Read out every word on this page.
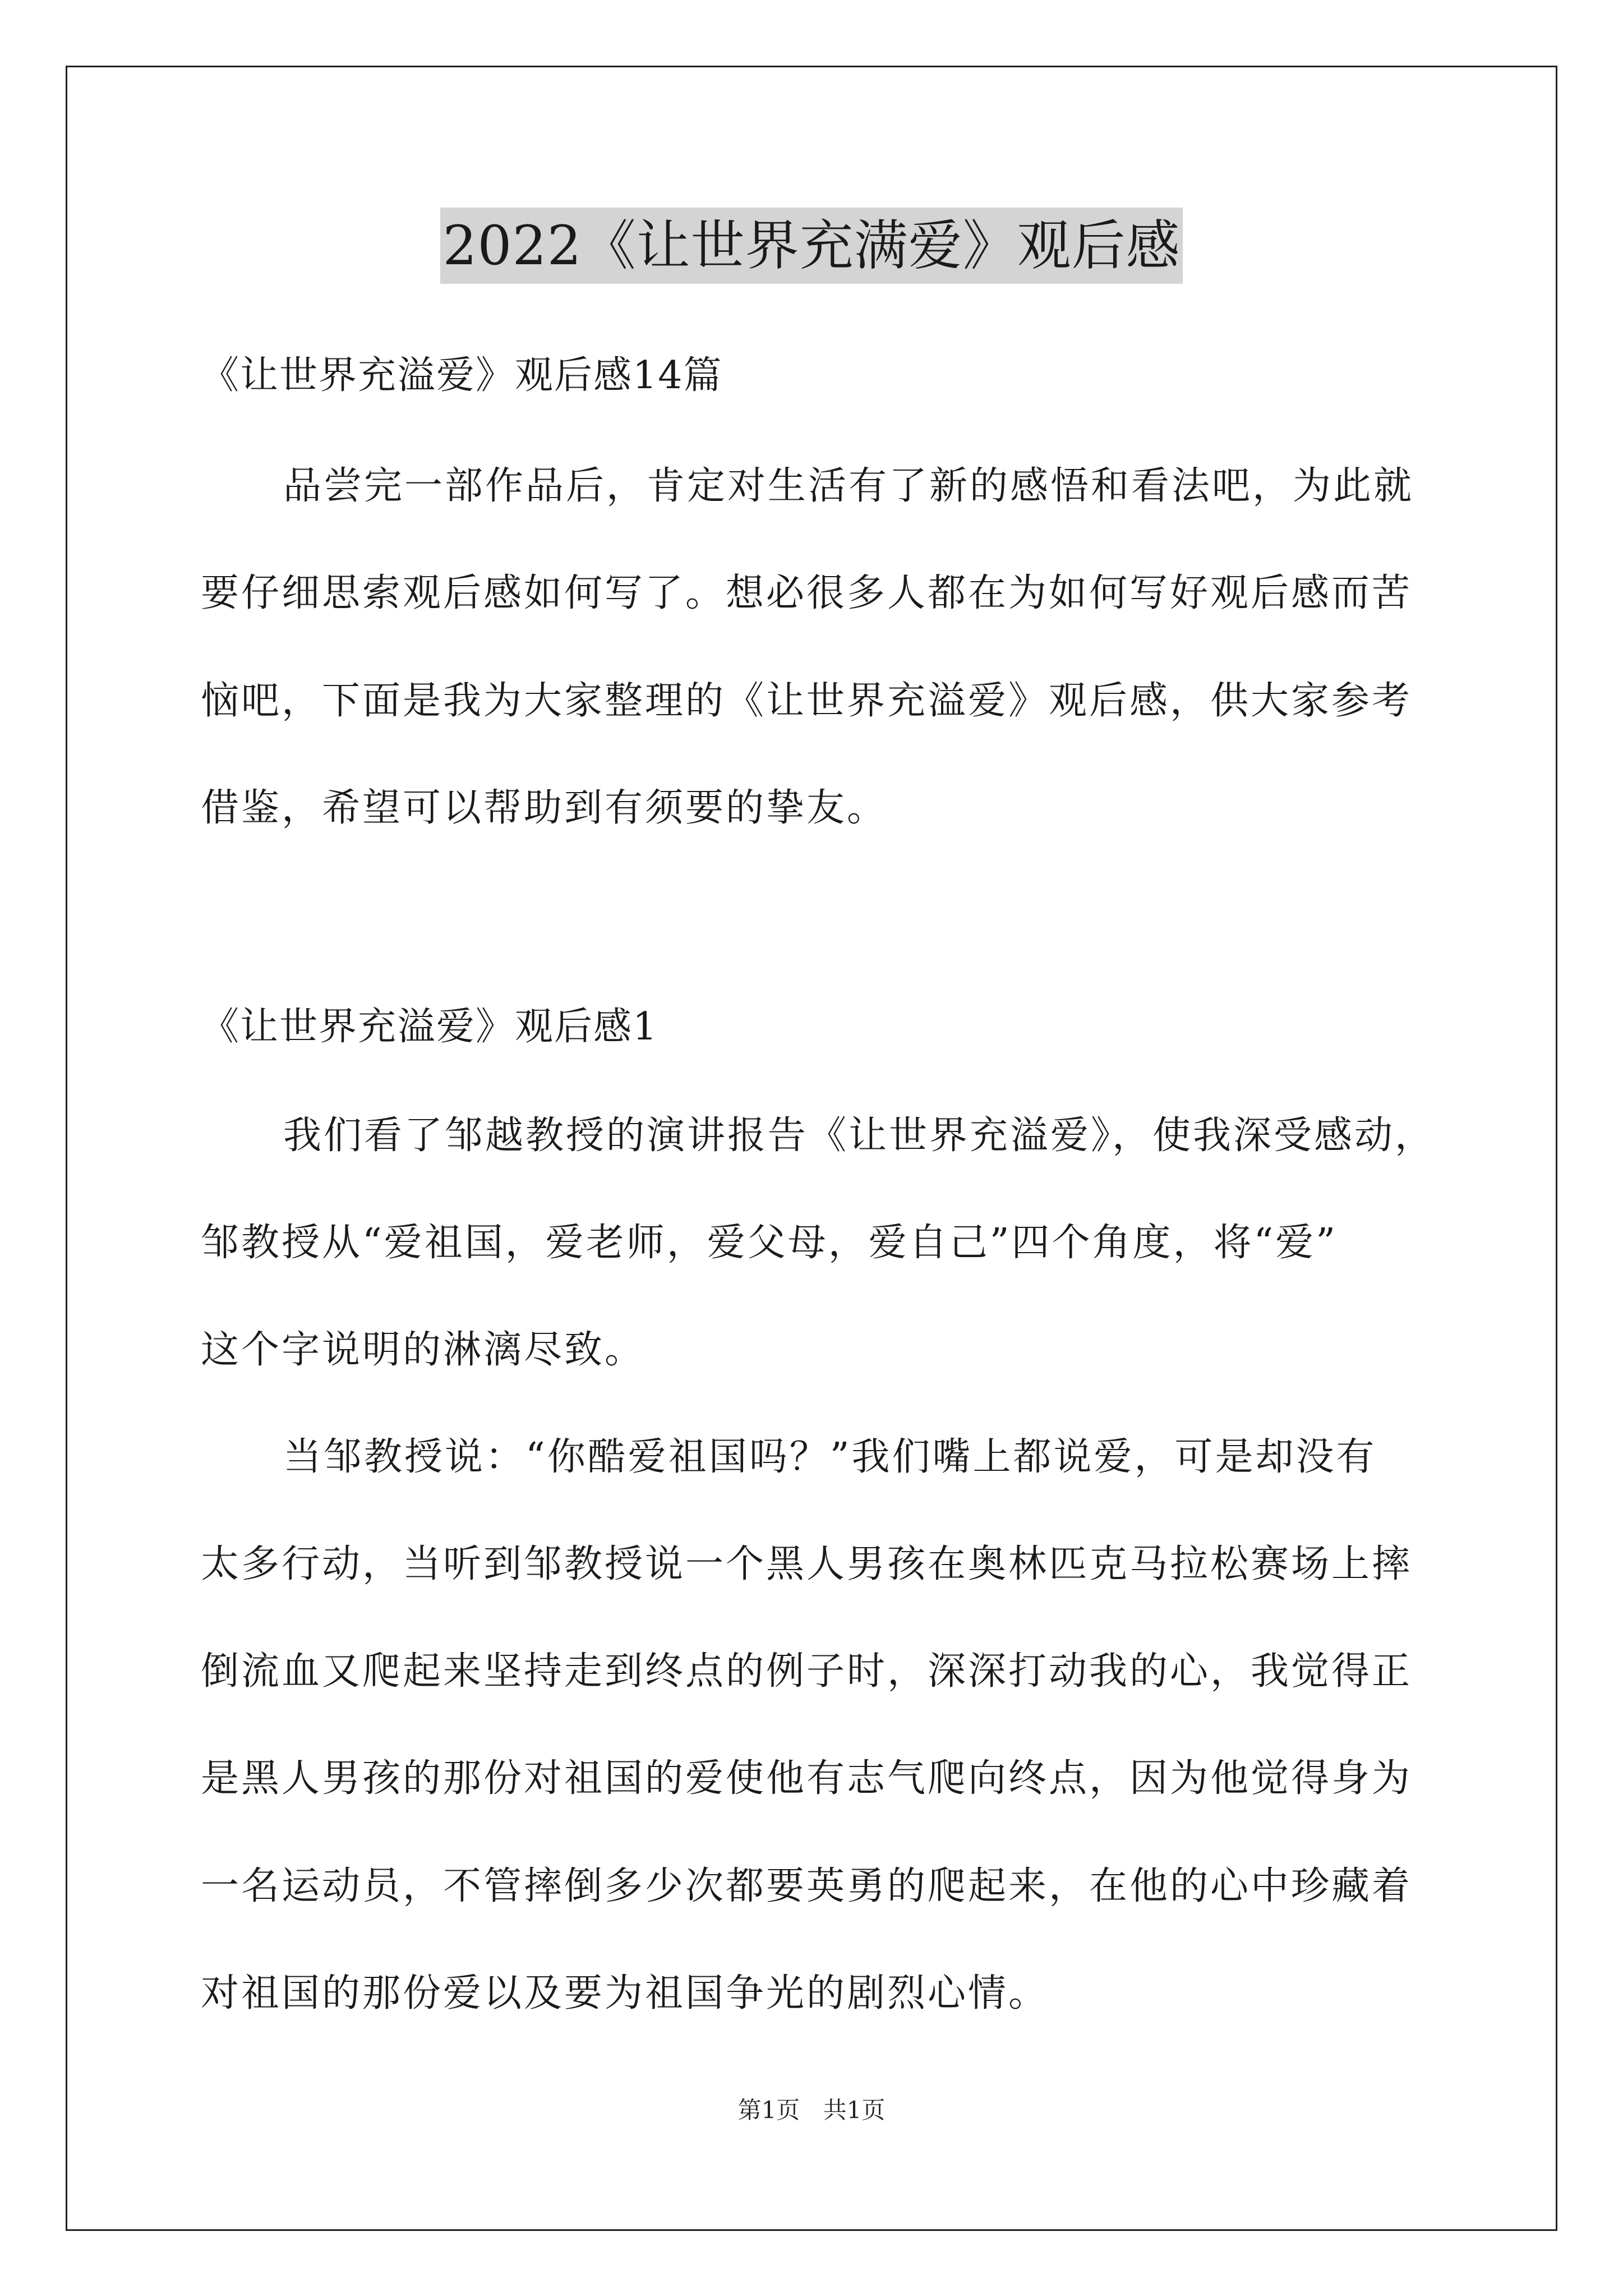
2022《让世界充满爱》观后感
《让世界充溢爱》观后感14篇
品尝完一部作品后，肯定对生活有了新的感悟和看法吧，为此就
要仔细思索观后感如何写了。想必很多人都在为如何写好观后感而苦
恼吧，下面是我为大家整理的《让世界充溢爱》观后感，供大家参考
借鉴，希望可以帮助到有须要的挚友。
《让世界充溢爱》观后感1
我们看了邹越教授的演讲报告《让世界充溢爱》，使我深受感动，
邹教授从“爱祖国，爱老师，爱父母，爱自己”四个角度，将“爱”
这个字说明的淋漓尽致。
当邹教授说：“你酷爱祖国吗？”我们嘴上都说爱，可是却没有
太多行动，当听到邹教授说一个黑人男孩在奥林匹克马拉松赛场上摔
倒流血又爬起来坚持走到终点的例子时，深深打动我的心，我觉得正
是黑人男孩的那份对祖国的爱使他有志气爬向终点，因为他觉得身为
一名运动员，不管摔倒多少次都要英勇的爬起来，在他的心中珍藏着
对祖国的那份爱以及要为祖国争光的剧烈心情。
第1页 共1页
